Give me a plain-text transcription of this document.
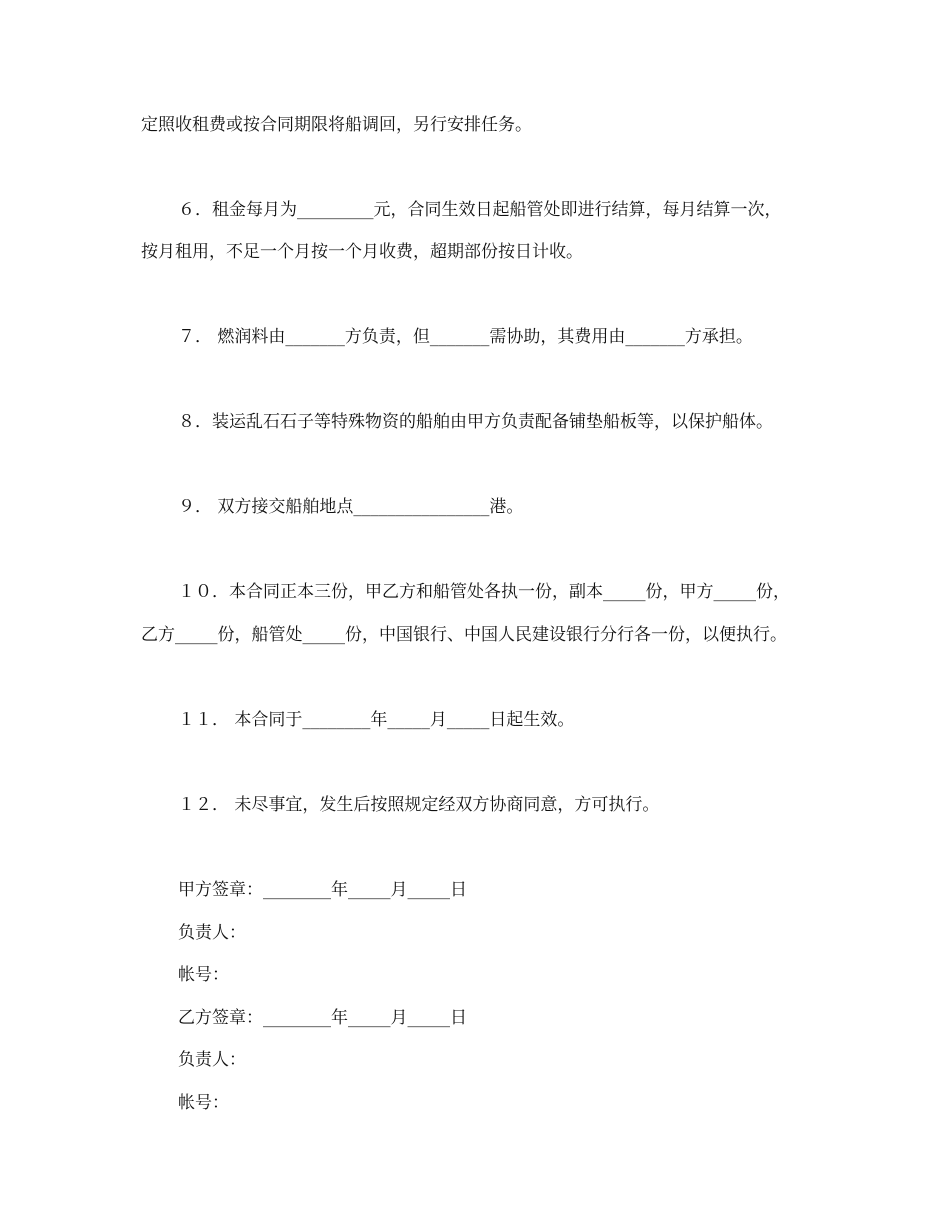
定照收租费或按合同期限将船调回，另行安排任务。
６．租金每月为_________元，合同生效日起船管处即进行结算，每月结算一次，
按月租用，不足一个月按一个月收费，超期部份按日计收。
７． 燃润料由_______方负责，但_______需协助，其费用由_______方承担。
８．装运乱石石子等特殊物资的船舶由甲方负责配备铺垫船板等，以保护船体。
９． 双方接交船舶地点________________港。
１０．本合同正本三份，甲乙方和船管处各执一份，副本_____份，甲方_____份，
乙方_____份，船管处_____份，中国银行、中国人民建设银行分行各一份，以便执行。
１１． 本合同于________年_____月_____日起生效。
１２． 未尽事宜，发生后按照规定经双方协商同意，方可执行。
甲方签章：________年_____月_____日
负责人：
帐号：
乙方签章：________年_____月_____日
负责人：
帐号：
